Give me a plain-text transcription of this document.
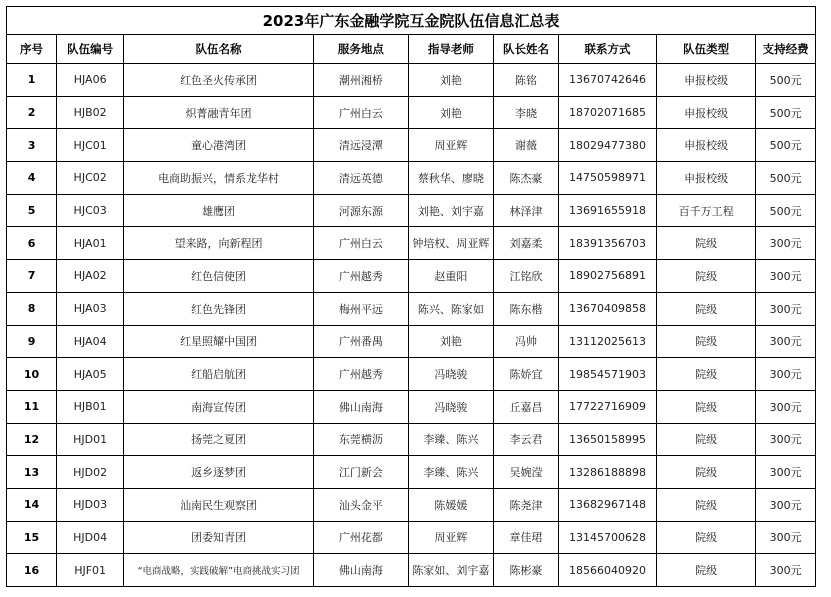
2023年广东金融学院互金院队伍信息汇总表								
序号	队伍编号	队伍名称	服务地点	指导老师	队长姓名	联系方式	队伍类型	支持经费
1	HJA06	红色圣火传承团	潮州湘桥	刘艳	陈铭	13670742646	申报校级	500元
2	HJB02	炽菁融青年团	广州白云	刘艳	李晓	18702071685	申报校级	500元
3	HJC01	童心港湾团	清远浸潭	周亚辉	谢薇	18029477380	申报校级	500元
4	HJC02	电商助振兴，情系龙华村	清远英德	蔡秋华、廖晓	陈杰豪	14750598971	申报校级	500元
5	HJC03	雄鹰团	河源东源	刘艳、刘宇嘉	林泽津	13691655918	百千万工程	500元
6	HJA01	望来路，向新程团	广州白云	钟培权、周亚辉	刘嘉柔	18391356703	院级	300元
7	HJA02	红色信使团	广州越秀	赵重阳	江铭欣	18902756891	院级	300元
8	HJA03	红色先锋团	梅州平远	陈兴、陈家如	陈东楷	13670409858	院级	300元
9	HJA04	红星照耀中国团	广州番禺	刘艳	冯帅	13112025613	院级	300元
10	HJA05	红船启航团	广州越秀	冯晓骏	陈娇宜	19854571903	院级	300元
11	HJB01	南海宣传团	佛山南海	冯晓骏	丘嘉昌	17722716909	院级	300元
12	HJD01	扬莞之夏团	东莞横沥	李臻、陈兴	李云君	13650158995	院级	300元
13	HJD02	返乡逐梦团	江门新会	李臻、陈兴	吴婉滢	13286188898	院级	300元
14	HJD03	汕南民生观察团	汕头金平	陈媛媛	陈尧津	13682967148	院级	300元
15	HJD04	团委知青团	广州花都	周亚辉	章佳珺	13145700628	院级	300元
16	HJF01	“电商战略，实践破解”电商挑战实习团	佛山南海	陈家如、刘宇嘉	陈彬豪	18566040920	院级	300元
